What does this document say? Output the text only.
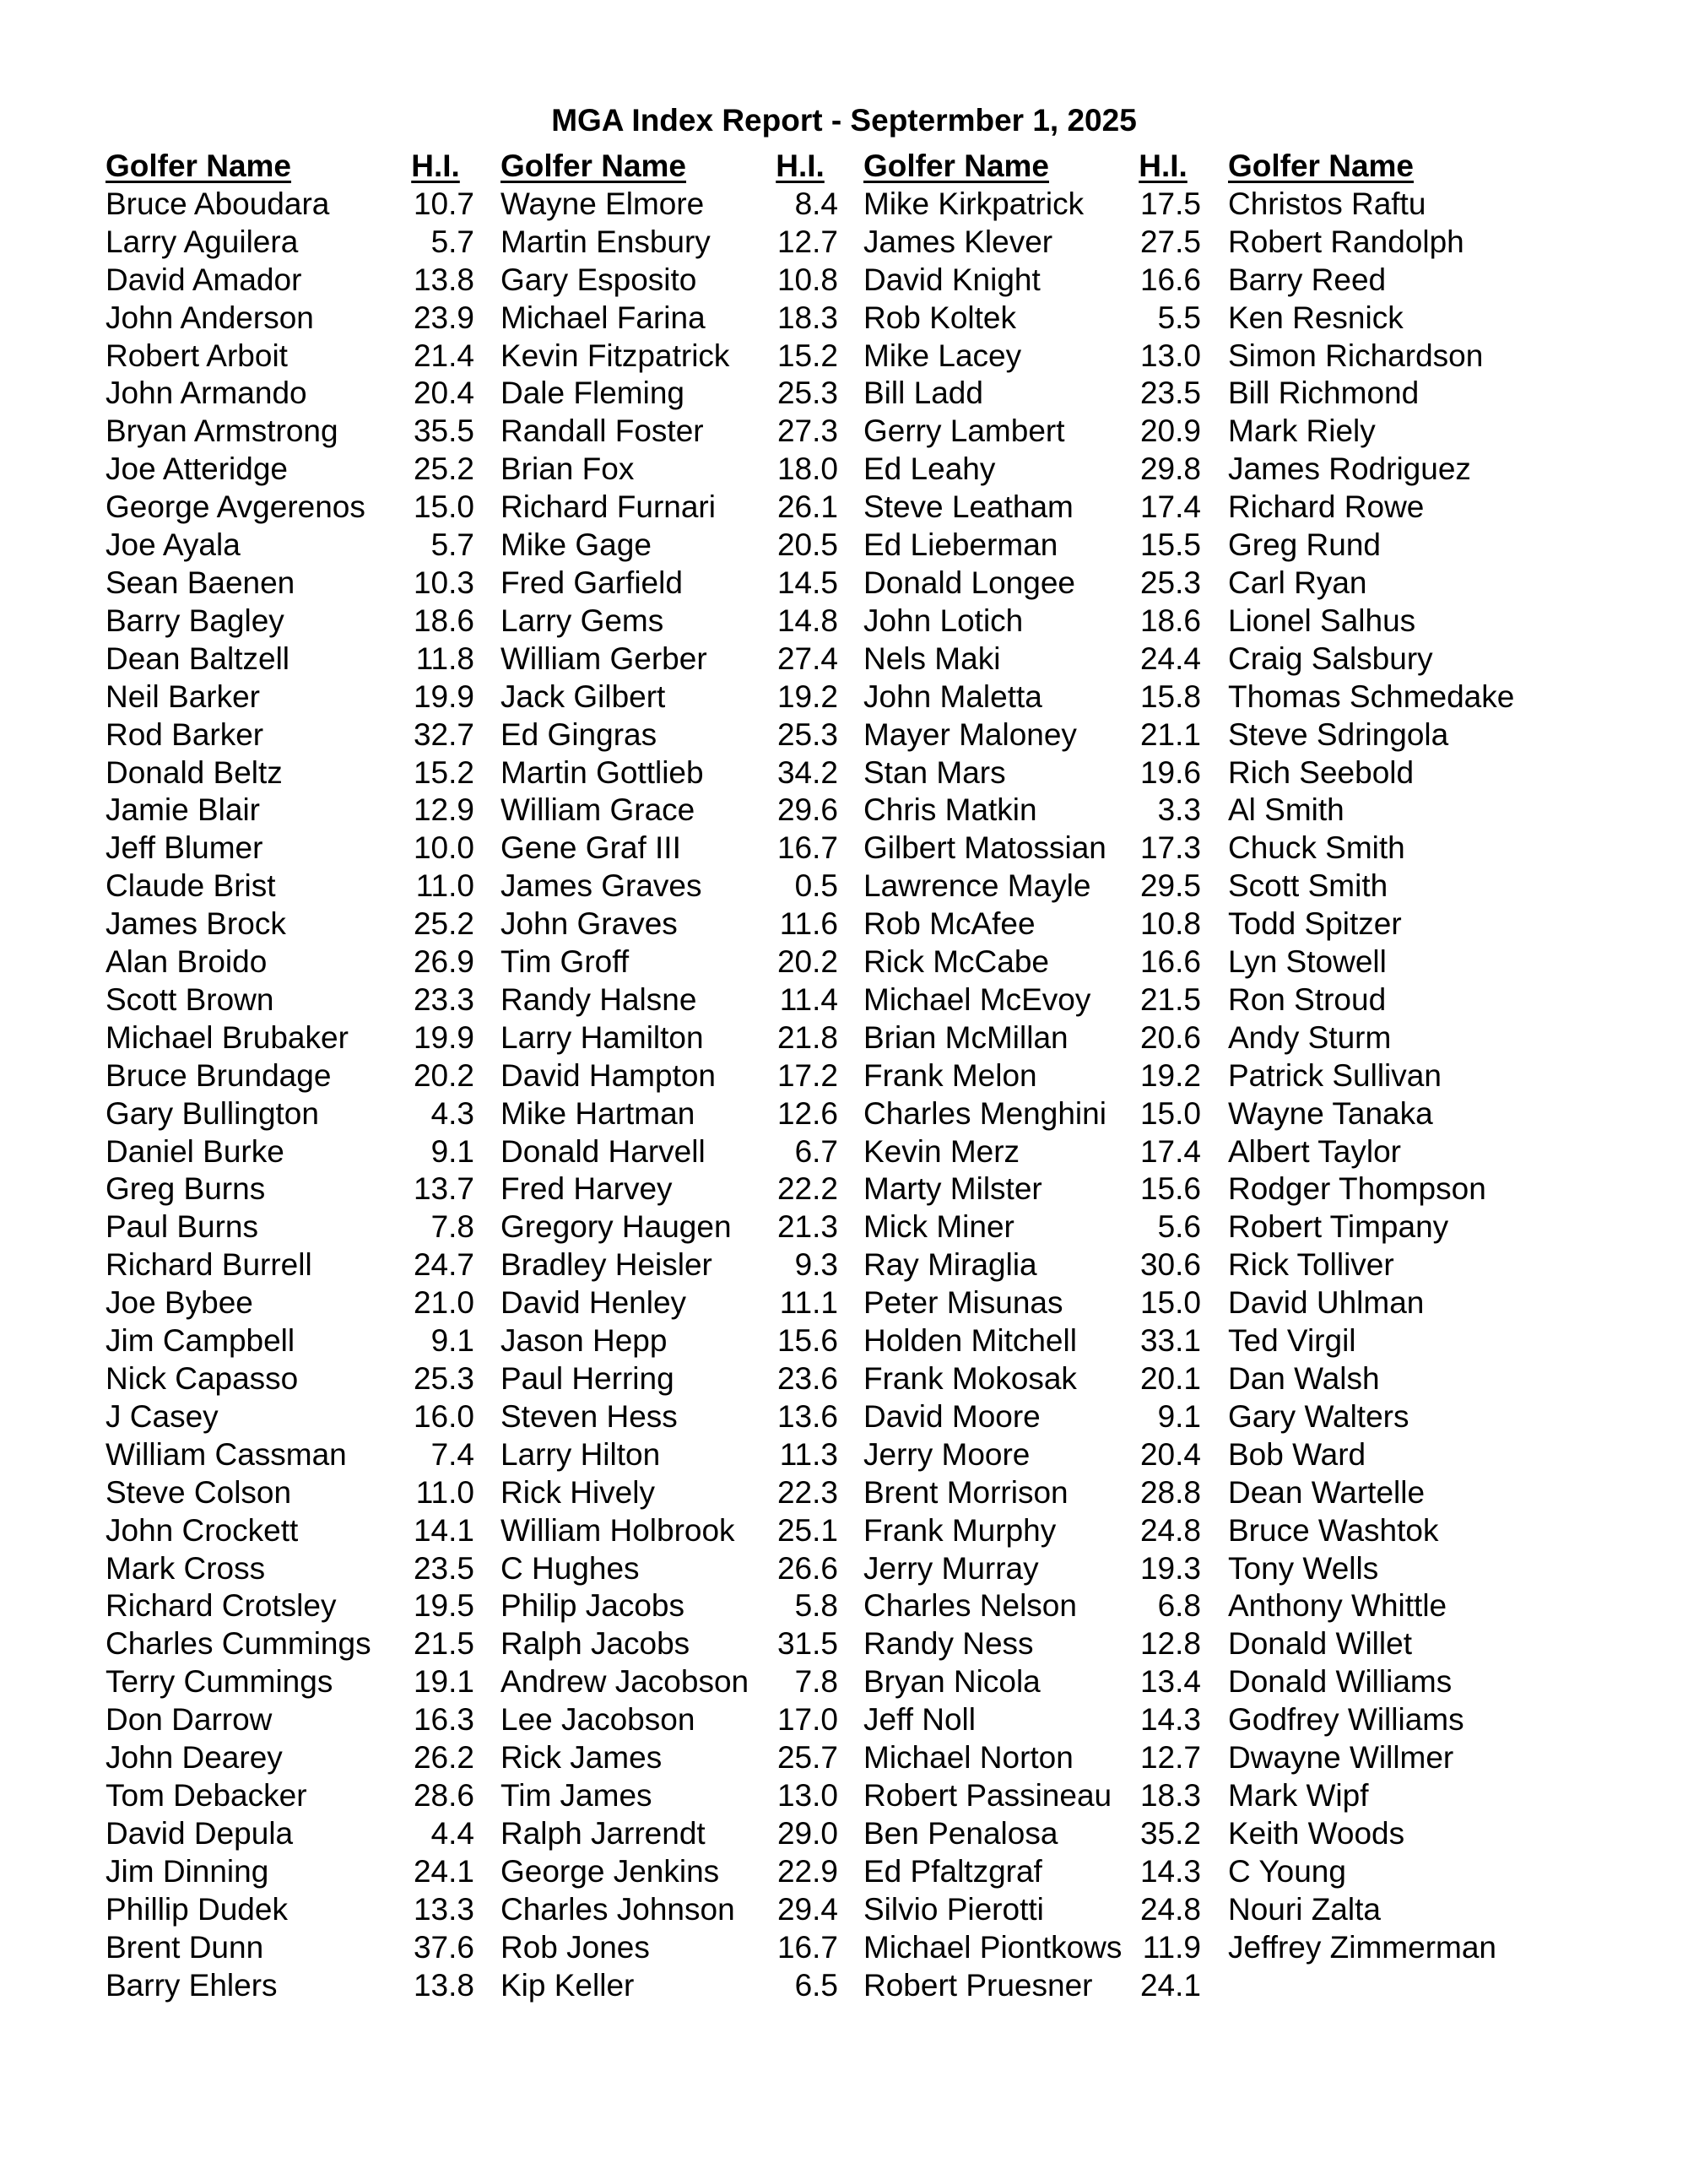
MGA Index Report - Septermber 1, 2025
Golfer Name
Bruce Aboudara
Larry Aguilera
David Amador
John Anderson
Robert Arboit
John Armando
Bryan Armstrong
Joe Atteridge
George Avgerenos
Joe Ayala
Sean Baenen
Barry Bagley
Dean Baltzell
Neil Barker
Rod Barker
Donald Beltz
Jamie Blair
Jeff Blumer
Claude Brist
James Brock
Alan Broido
Scott Brown
Michael Brubaker
Bruce Brundage
Gary Bullington
Daniel Burke
Greg Burns
Paul Burns
Richard Burrell
Joe Bybee
Jim Campbell
Nick Capasso
J Casey
William Cassman
Steve Colson
John Crockett
Mark Cross
Richard Crotsley
Charles Cummings
Terry Cummings
Don Darrow
John Dearey
Tom Debacker
David Depula
Jim Dinning
Phillip Dudek
Brent Dunn
Barry Ehlers
H.I.
10.7
5.7
13.8
23.9
21.4
20.4
35.5
25.2
15.0
5.7
10.3
18.6
11.8
19.9
32.7
15.2
12.9
10.0
11.0
25.2
26.9
23.3
19.9
20.2
4.3
9.1
13.7
7.8
24.7
21.0
9.1
25.3
16.0
7.4
11.0
14.1
23.5
19.5
21.5
19.1
16.3
26.2
28.6
4.4
24.1
13.3
37.6
13.8
Golfer Name
Wayne Elmore
Martin Ensbury
Gary Esposito
Michael Farina
Kevin Fitzpatrick
Dale Fleming
Randall Foster
Brian Fox
Richard Furnari
Mike Gage
Fred Garfield
Larry Gems
William Gerber
Jack Gilbert
Ed Gingras
Martin Gottlieb
William Grace
Gene Graf III
James Graves
John Graves
Tim Groff
Randy Halsne
Larry Hamilton
David Hampton
Mike Hartman
Donald Harvell
Fred Harvey
Gregory Haugen
Bradley Heisler
David Henley
Jason Hepp
Paul Herring
Steven Hess
Larry Hilton
Rick Hively
William Holbrook
C Hughes
Philip Jacobs
Ralph Jacobs
Andrew Jacobson
Lee Jacobson
Rick James
Tim James
Ralph Jarrendt
George Jenkins
Charles Johnson
Rob Jones
Kip Keller
H.I.
8.4
12.7
10.8
18.3
15.2
25.3
27.3
18.0
26.1
20.5
14.5
14.8
27.4
19.2
25.3
34.2
29.6
16.7
0.5
11.6
20.2
11.4
21.8
17.2
12.6
6.7
22.2
21.3
9.3
11.1
15.6
23.6
13.6
11.3
22.3
25.1
26.6
5.8
31.5
7.8
17.0
25.7
13.0
29.0
22.9
29.4
16.7
6.5
Golfer Name
Mike Kirkpatrick
James Klever
David Knight
Rob Koltek
Mike Lacey
Bill Ladd
Gerry Lambert
Ed Leahy
Steve Leatham
Ed Lieberman
Donald Longee
John Lotich
Nels Maki
John Maletta
Mayer Maloney
Stan Mars
Chris Matkin
Gilbert Matossian
Lawrence Mayle
Rob McAfee
Rick McCabe
Michael McEvoy
Brian McMillan
Frank Melon
Charles Menghini
Kevin Merz
Marty Milster
Mick Miner
Ray Miraglia
Peter Misunas
Holden Mitchell
Frank Mokosak
David Moore
Jerry Moore
Brent Morrison
Frank Murphy
Jerry Murray
Charles Nelson
Randy Ness
Bryan Nicola
Jeff Noll
Michael Norton
Robert Passineau
Ben Penalosa
Ed Pfaltzgraf
Silvio Pierotti
Michael Piontkows
Robert Pruesner
H.I.
17.5
27.5
16.6
5.5
13.0
23.5
20.9
29.8
17.4
15.5
25.3
18.6
24.4
15.8
21.1
19.6
3.3
17.3
29.5
10.8
16.6
21.5
20.6
19.2
15.0
17.4
15.6
5.6
30.6
15.0
33.1
20.1
9.1
20.4
28.8
24.8
19.3
6.8
12.8
13.4
14.3
12.7
18.3
35.2
14.3
24.8
11.9
24.1
Golfer Name
Christos Raftu
Robert Randolph
Barry Reed
Ken Resnick
Simon Richardson
Bill Richmond
Mark Riely
James Rodriguez
Richard Rowe
Greg Rund
Carl Ryan
Lionel Salhus
Craig Salsbury
Thomas Schmedake
Steve Sdringola
Rich Seebold
Al Smith
Chuck Smith
Scott Smith
Todd Spitzer
Lyn Stowell
Ron Stroud
Andy Sturm
Patrick Sullivan
Wayne Tanaka
Albert Taylor
Rodger Thompson
Robert Timpany
Rick Tolliver
David Uhlman
Ted Virgil
Dan Walsh
Gary Walters
Bob Ward
Dean Wartelle
Bruce Washtok
Tony Wells
Anthony Whittle
Donald Willet
Donald Williams
Godfrey Williams
Dwayne Willmer
Mark Wipf
Keith Woods
C Young
Nouri Zalta
Jeffrey Zimmerman
